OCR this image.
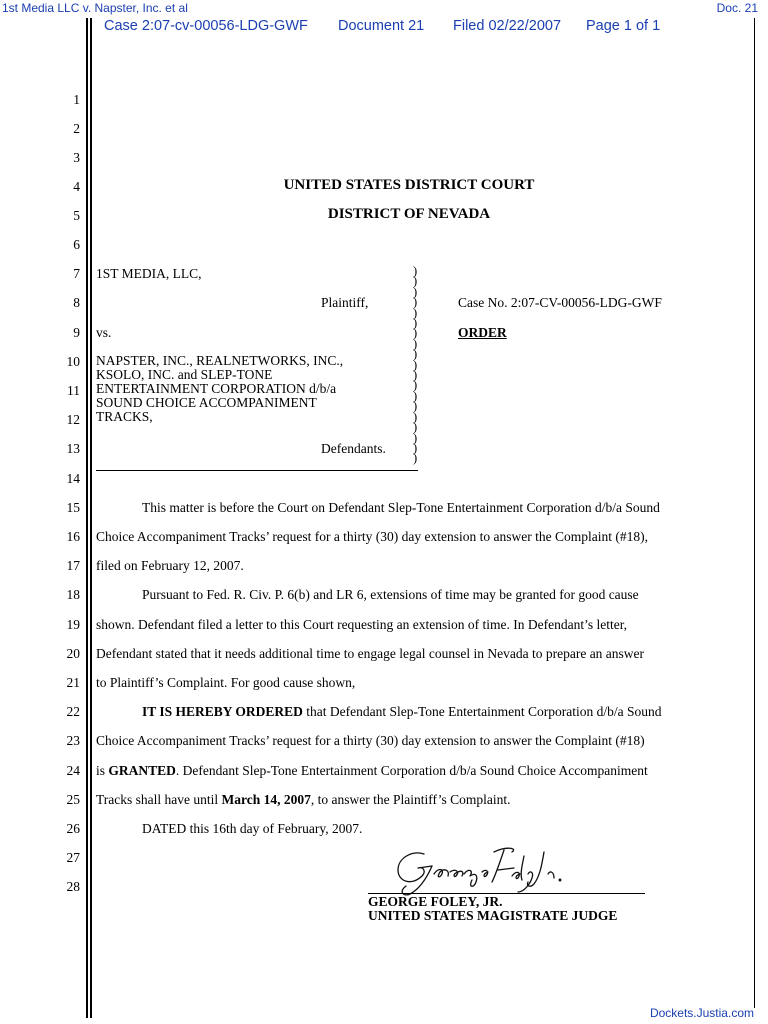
1st Media LLC v. Napster, Inc. et al	Doc. 21
Case 2:07-cv-00056-LDG-GWF Document 21 Filed 02/22/2007 Page 1 of 1
1
2
3
4
5
6
7
8
9
10
11
12
13
14
15
16
17
18
19
20
21
22
23
24
25
26
27
28
UNITED STATES DISTRICT COURT
DISTRICT OF NEVADA
1ST MEDIA, LLC,
Plaintiff,
vs.
NAPSTER, INC., REALNETWORKS, INC.,
KSOLO, INC. and SLEP-TONE
ENTERTAINMENT CORPORATION d/b/a
SOUND CHOICE ACCOMPANIMENT
TRACKS,
Defendants.
)
)
)
)
)
)
)
)
)
)
)
)
)
)
)
)
)
)
)
Case No. 2:07-CV-00056-LDG-GWF
ORDER
This matter is before the Court on Defendant Slep-Tone Entertainment Corporation d/b/a Sound
Choice Accompaniment Tracks’ request for a thirty (30) day extension to answer the Complaint (#18),
filed on February 12, 2007.
Pursuant to Fed. R. Civ. P. 6(b) and LR 6, extensions of time may be granted for good cause
shown. Defendant filed a letter to this Court requesting an extension of time. In Defendant’s letter,
Defendant stated that it needs additional time to engage legal counsel in Nevada to prepare an answer
to Plaintiff’s Complaint. For good cause shown,
IT IS HEREBY ORDERED that Defendant Slep-Tone Entertainment Corporation d/b/a Sound
Choice Accompaniment Tracks’ request for a thirty (30) day extension to answer the Complaint (#18)
is GRANTED. Defendant Slep-Tone Entertainment Corporation d/b/a Sound Choice Accompaniment
Tracks shall have until March 14, 2007, to answer the Plaintiff’s Complaint.
DATED this 16th day of February, 2007.
GEORGE FOLEY, JR.
UNITED STATES MAGISTRATE JUDGE
Dockets.Justia.com
